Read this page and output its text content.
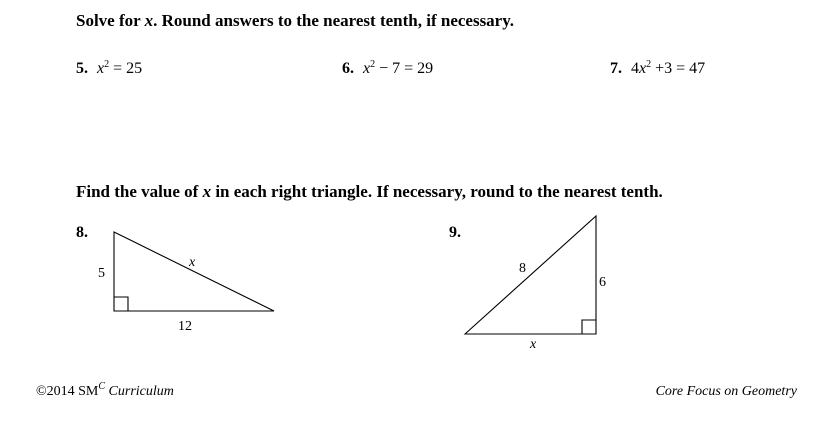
Solve for x. Round answers to the nearest tenth, if necessary.
5. $x^2 = 25$	6. $x^2 - 7 = 29$	7. $4x^2 +3 = 47$
Find the value of x in each right triangle. If necessary, round to the nearest tenth.
8.
5
12
x
9.
8
6
x
©2014 $SM^C$ Curriculum	Core Focus on Geometry
